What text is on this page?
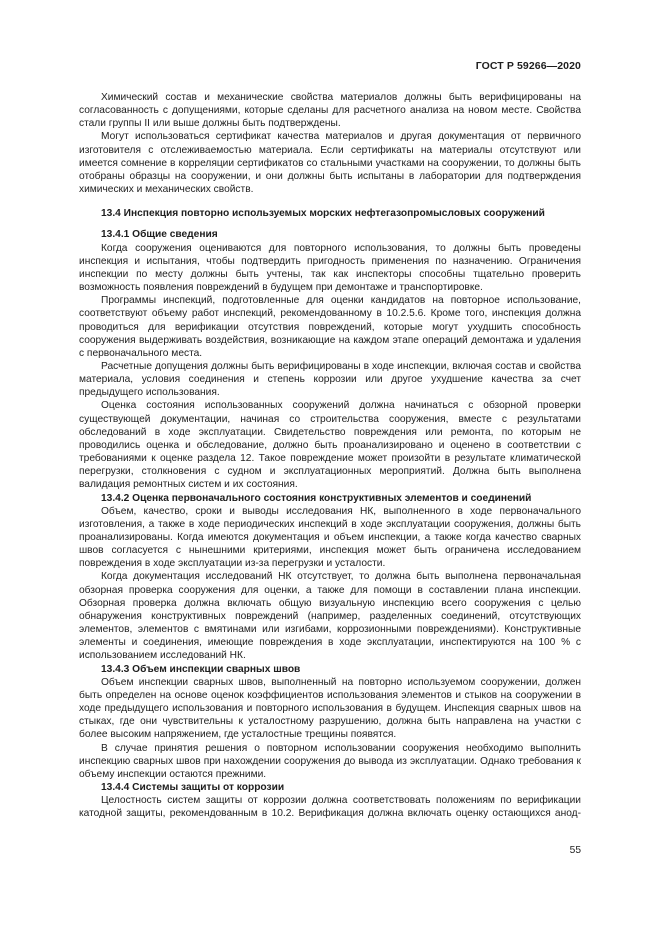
ГОСТ Р 59266—2020

Химический состав и механические свойства материалов должны быть верифицированы на согласованность с допущениями, которые сделаны для расчетного анализа на новом месте. Свойства стали группы II или выше должны быть подтверждены.

Могут использоваться сертификат качества материалов и другая документация от первичного изготовителя с отслеживаемостью материала. Если сертификаты на материалы отсутствуют или имеется сомнение в корреляции сертификатов со стальными участками на сооружении, то должны быть отобраны образцы на сооружении, и они должны быть испытаны в лаборатории для подтверждения химических и механических свойств.

13.4 Инспекция повторно используемых морских нефтегазопромысловых сооружений
13.4.1 Общие сведения

Когда сооружения оцениваются для повторного использования, то должны быть проведены инспекция и испытания, чтобы подтвердить пригодность применения по назначению. Ограничения инспекции по месту должны быть учтены, так как инспекторы способны тщательно проверить возможность появления повреждений в будущем при демонтаже и транспортировке.

Программы инспекций, подготовленные для оценки кандидатов на повторное использование, соответствуют объему работ инспекций, рекомендованному в 10.2.5.6. Кроме того, инспекция должна проводиться для верификации отсутствия повреждений, которые могут ухудшить способность сооружения выдерживать воздействия, возникающие на каждом этапе операций демонтажа и удаления с первоначального места.

Расчетные допущения должны быть верифицированы в ходе инспекции, включая состав и свойства материала, условия соединения и степень коррозии или другое ухудшение качества за счет предыдущего использования.

Оценка состояния использованных сооружений должна начинаться с обзорной проверки существующей документации, начиная со строительства сооружения, вместе с результатами обследований в ходе эксплуатации. Свидетельство повреждения или ремонта, по которым не проводились оценка и обследование, должно быть проанализировано и оценено в соответствии с требованиями к оценке раздела 12. Такое повреждение может произойти в результате климатической перегрузки, столкновения с судном и эксплуатационных мероприятий. Должна быть выполнена валидация ремонтных систем и их состояния.

13.4.2 Оценка первоначального состояния конструктивных элементов и соединений

Объем, качество, сроки и выводы исследования НК, выполненного в ходе первоначального изготовления, а также в ходе периодических инспекций в ходе эксплуатации сооружения, должны быть проанализированы. Когда имеются документация и объем инспекции, а также когда качество сварных швов согласуется с нынешними критериями, инспекция может быть ограничена исследованием повреждения в ходе эксплуатации из-за перегрузки и усталости.

Когда документация исследований НК отсутствует, то должна быть выполнена первоначальная обзорная проверка сооружения для оценки, а также для помощи в составлении плана инспекции. Обзорная проверка должна включать общую визуальную инспекцию всего сооружения с целью обнаружения конструктивных повреждений (например, разделенных соединений, отсутствующих элементов, элементов с вмятинами или изгибами, коррозионными повреждениями). Конструктивные элементы и соединения, имеющие повреждения в ходе эксплуатации, инспектируются на 100 % с использованием исследований НК.

13.4.3 Объем инспекции сварных швов

Объем инспекции сварных швов, выполненный на повторно используемом сооружении, должен быть определен на основе оценок коэффициентов использования элементов и стыков на сооружении в ходе предыдущего использования и повторного использования в будущем. Инспекция сварных швов на стыках, где они чувствительны к усталостному разрушению, должна быть направлена на участки с более высоким напряжением, где усталостные трещины появятся.

В случае принятия решения о повторном использовании сооружения необходимо выполнить инспекцию сварных швов при нахождении сооружения до вывода из эксплуатации. Однако требования к объему инспекции остаются прежними.

13.4.4 Системы защиты от коррозии

Целостность систем защиты от коррозии должна соответствовать положениям по верификации катодной защиты, рекомендованным в 10.2. Верификация должна включать оценку остающихся анод-

55
